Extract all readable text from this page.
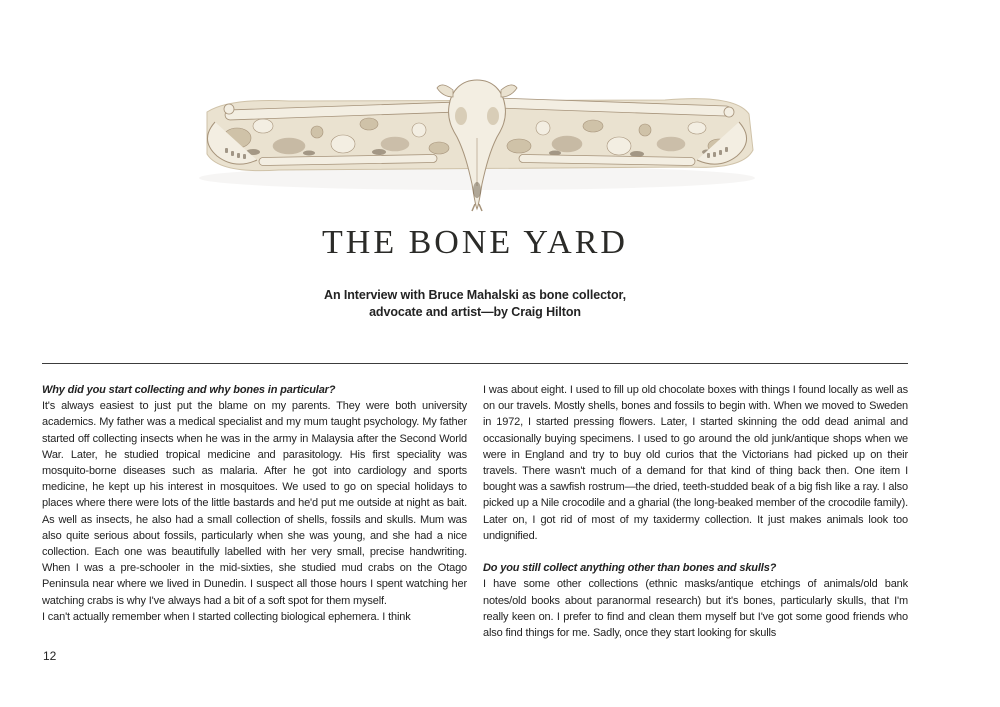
THE BONE YARD
An Interview with Bruce Mahalski as bone collector,
advocate and artist—by Craig Hilton
Why did you start collecting and why bones in particular?

It's always easiest to just put the blame on my parents. They were both university academics. My father was a medical specialist and my mum taught psychology. My father started off collecting insects when he was in the army in Malaysia after the Second World War. Later, he studied tropical medicine and parasitology. His first speciality was mosquito-borne diseases such as malaria. After he got into cardiology and sports medicine, he kept up his interest in mosquitoes. We used to go on special holidays to places where there were lots of the little bastards and he'd put me outside at night as bait. As well as insects, he also had a small collection of shells, fossils and skulls. Mum was also quite serious about fossils, particularly when she was young, and she had a nice collection. Each one was beautifully labelled with her very small, precise handwriting. When I was a pre-schooler in the mid-sixties, she studied mud crabs on the Otago Peninsula near where we lived in Dunedin. I suspect all those hours I spent watching her watching crabs is why I've always had a bit of a soft spot for them myself.

I can't actually remember when I started collecting biological ephemera. I think

I was about eight. I used to fill up old chocolate boxes with things I found locally as well as on our travels. Mostly shells, bones and fossils to begin with. When we moved to Sweden in 1972, I started pressing flowers. Later, I started skinning the odd dead animal and occasionally buying specimens. I used to go around the old junk/antique shops when we were in England and try to buy old curios that the Victorians had picked up on their travels. There wasn't much of a demand for that kind of thing back then. One item I bought was a sawfish rostrum—the dried, teeth-studded beak of a big fish like a ray. I also picked up a Nile crocodile and a gharial (the long-beaked member of the crocodile family). Later on, I got rid of most of my taxidermy collection. It just makes animals look too undignified.

Do you still collect anything other than bones and skulls?

I have some other collections (ethnic masks/antique etchings of animals/old bank notes/old books about paranormal research) but it's bones, particularly skulls, that I'm really keen on. I prefer to find and clean them myself but I've got some good friends who also find things for me. Sadly, once they start looking for skulls

12
